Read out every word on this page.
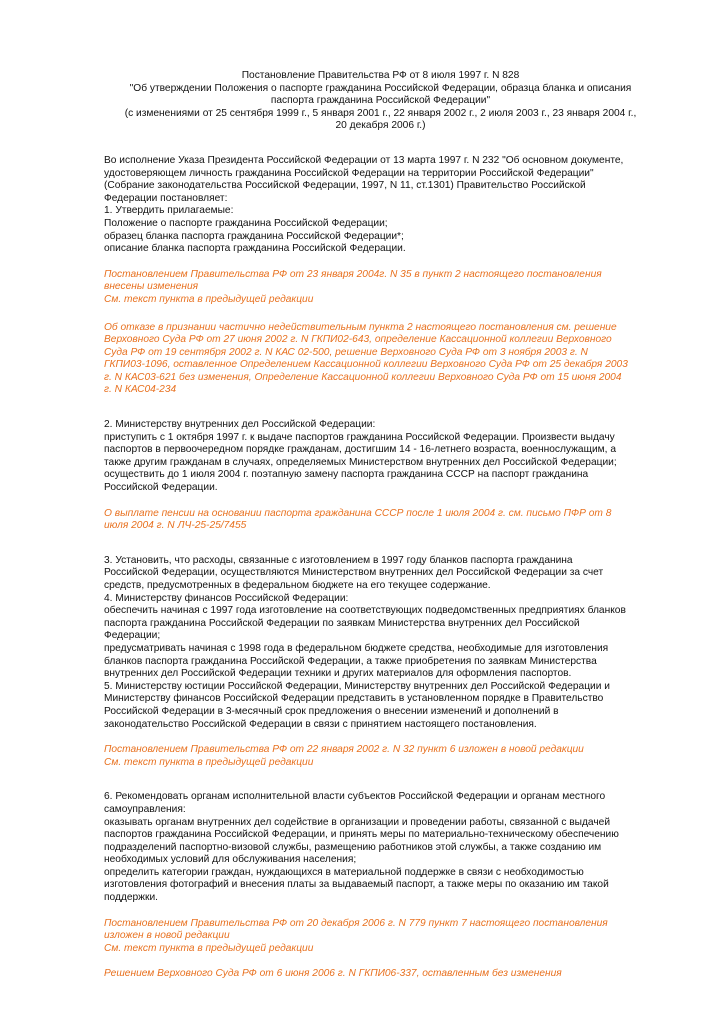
Постановление Правительства РФ от 8 июля 1997 г. N 828
"Об утверждении Положения о паспорте гражданина Российской Федерации, образца бланка и описания
паспорта гражданина Российской Федерации"
(с изменениями от 25 сентября 1999 г., 5 января 2001 г., 22 января 2002 г., 2 июля 2003 г., 23 января 2004 г.,
20 декабря 2006 г.)
Во исполнение Указа Президента Российской Федерации от 13 марта 1997 г. N 232 "Об основном документе,
удостоверяющем личность гражданина Российской Федерации на территории Российской Федерации"
(Собрание законодательства Российской Федерации, 1997, N 11, ст.1301) Правительство Российской
Федерации постановляет:
1. Утвердить прилагаемые:
Положение о паспорте гражданина Российской Федерации;
образец бланка паспорта гражданина Российской Федерации*;
описание бланка паспорта гражданина Российской Федерации.
Постановлением Правительства РФ от 23 января 2004г. N 35 в пункт 2 настоящего постановления
внесены изменения
См. текст пункта в предыдущей редакции
Об отказе в признании частично недействительным пункта 2 настоящего постановления см. решение
Верховного Суда РФ от 27 июня 2002 г. N ГКПИ02-643, определение Кассационной коллегии Верховного
Суда РФ от 19 сентября 2002 г. N КАС 02-500, решение Верховного Суда РФ от 3 ноября 2003 г. N
ГКПИ03-1096, оставленное Определением Кассационной коллегии Верховного Суда РФ от 25 декабря 2003
г. N КАС03-621 без изменения, Определение Кассационной коллегии Верховного Суда РФ от 15 июня 2004
г. N КАС04-234
2. Министерству внутренних дел Российской Федерации:
приступить с 1 октября 1997 г. к выдаче паспортов гражданина Российской Федерации. Произвести выдачу
паспортов в первоочередном порядке гражданам, достигшим 14 - 16-летнего возраста, военнослужащим, а
также другим гражданам в случаях, определяемых Министерством внутренних дел Российской Федерации;
осуществить до 1 июля 2004 г. поэтапную замену паспорта гражданина СССР на паспорт гражданина
Российской Федерации.
О выплате пенсии на основании паспорта гражданина СССР после 1 июля 2004 г. см. письмо ПФР от 8
июля 2004 г. N ЛЧ-25-25/7455
3. Установить, что расходы, связанные с изготовлением в 1997 году бланков паспорта гражданина
Российской Федерации, осуществляются Министерством внутренних дел Российской Федерации за счет
средств, предусмотренных в федеральном бюджете на его текущее содержание.
4. Министерству финансов Российской Федерации:
обеспечить начиная с 1997 года изготовление на соответствующих подведомственных предприятиях бланков
паспорта гражданина Российской Федерации по заявкам Министерства внутренних дел Российской
Федерации;
предусматривать начиная с 1998 года в федеральном бюджете средства, необходимые для изготовления
бланков паспорта гражданина Российской Федерации, а также приобретения по заявкам Министерства
внутренних дел Российской Федерации техники и других материалов для оформления паспортов.
5. Министерству юстиции Российской Федерации, Министерству внутренних дел Российской Федерации и
Министерству финансов Российской Федерации представить в установленном порядке в Правительство
Российской Федерации в 3-месячный срок предложения о внесении изменений и дополнений в
законодательство Российской Федерации в связи с принятием настоящего постановления.
Постановлением Правительства РФ от 22 января 2002 г. N 32 пункт 6 изложен в новой редакции
См. текст пункта в предыдущей редакции
6. Рекомендовать органам исполнительной власти субъектов Российской Федерации и органам местного
самоуправления:
оказывать органам внутренних дел содействие в организации и проведении работы, связанной с выдачей
паспортов гражданина Российской Федерации, и принять меры по материально-техническому обеспечению
подразделений паспортно-визовой службы, размещению работников этой службы, а также созданию им
необходимых условий для обслуживания населения;
определить категории граждан, нуждающихся в материальной поддержке в связи с необходимостью
изготовления фотографий и внесения платы за выдаваемый паспорт, а также меры по оказанию им такой
поддержки.
Постановлением Правительства РФ от 20 декабря 2006 г. N 779 пункт 7 настоящего постановления
изложен в новой редакции
См. текст пункта в предыдущей редакции
Решением Верховного Суда РФ от 6 июня 2006 г. N ГКПИ06-337, оставленным без изменения
